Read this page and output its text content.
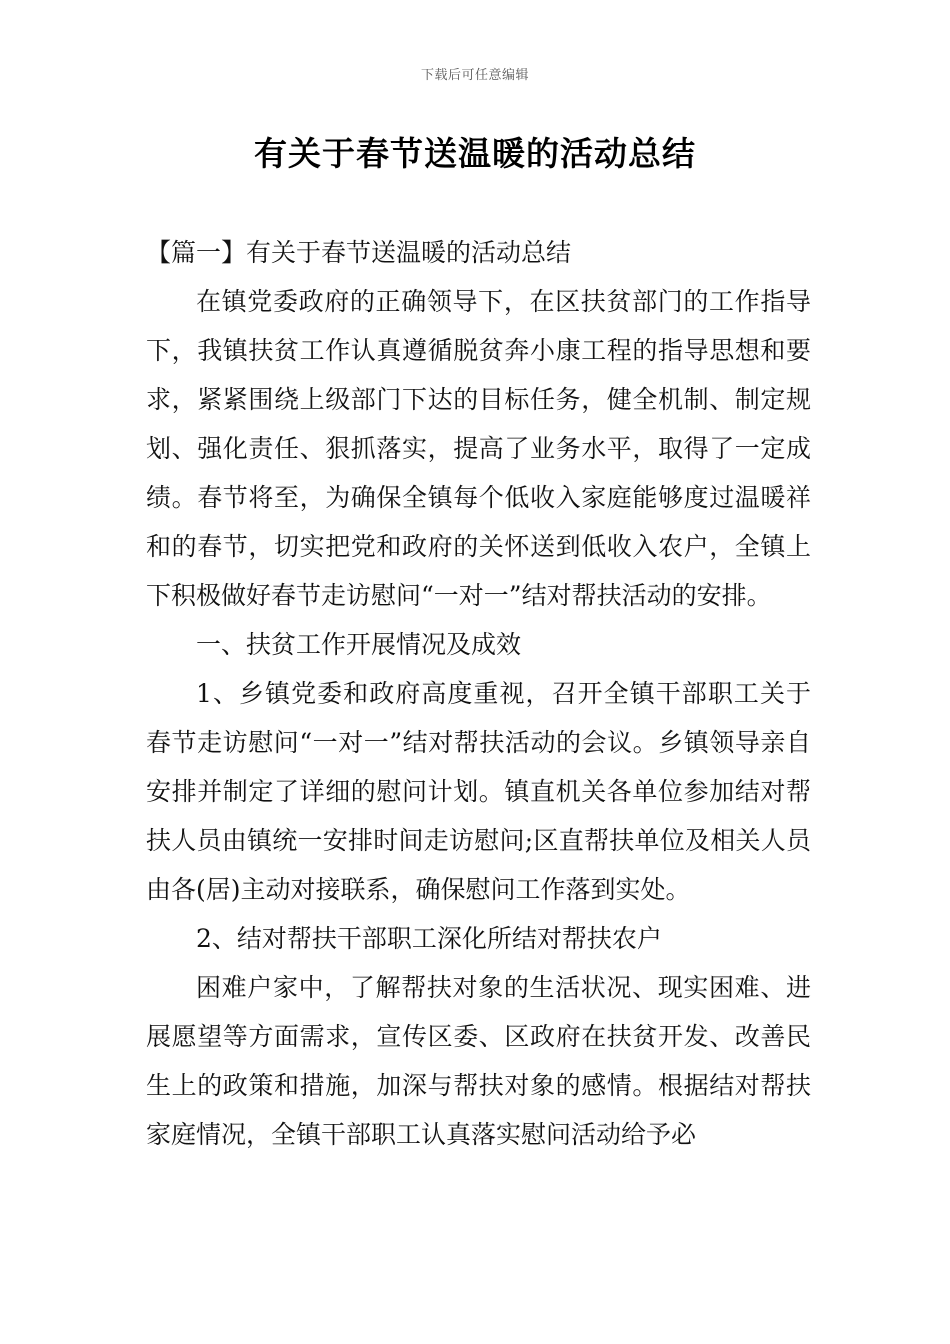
下载后可任意编辑
有关于春节送温暖的活动总结

【篇一】有关于春节送温暖的活动总结

在镇党委政府的正确领导下，在区扶贫部门的工作指导下，我镇扶贫工作认真遵循脱贫奔小康工程的指导思想和要求，紧紧围绕上级部门下达的目标任务，健全机制、制定规划、强化责任、狠抓落实，提高了业务水平，取得了一定成绩。春节将至，为确保全镇每个低收入家庭能够度过温暖祥和的春节，切实把党和政府的关怀送到低收入农户，全镇上下积极做好春节走访慰问“一对一”结对帮扶活动的安排。

一、扶贫工作开展情况及成效

1、乡镇党委和政府高度重视，召开全镇干部职工关于春节走访慰问“一对一”结对帮扶活动的会议。乡镇领导亲自安排并制定了详细的慰问计划。镇直机关各单位参加结对帮扶人员由镇统一安排时间走访慰问;区直帮扶单位及相关人员由各(居)主动对接联系，确保慰问工作落到实处。

2、结对帮扶干部职工深化所结对帮扶农户

困难户家中，了解帮扶对象的生活状况、现实困难、进展愿望等方面需求，宣传区委、区政府在扶贫开发、改善民生上的政策和措施，加深与帮扶对象的感情。根据结对帮扶家庭情况，全镇干部职工认真落实慰问活动给予必
